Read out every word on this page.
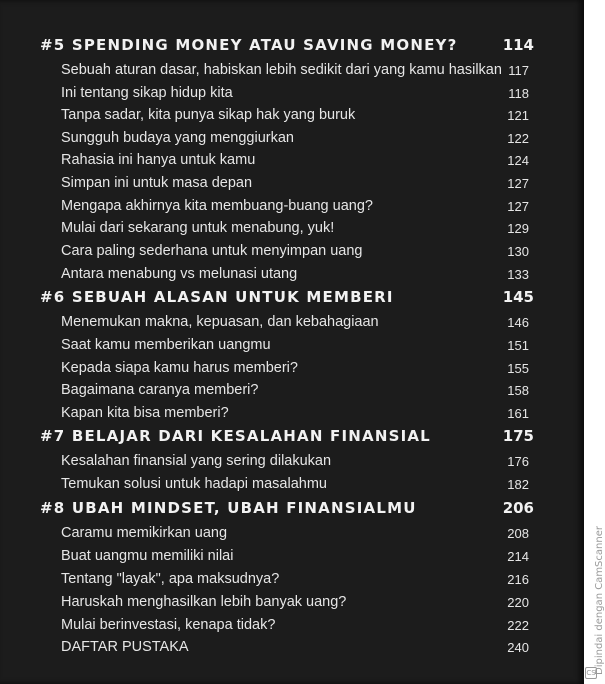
#5 SPENDING MONEY ATAU SAVING MONEY?	114
Sebuah aturan dasar, habiskan lebih sedikit dari yang kamu hasilkan 117
Ini tentang sikap hidup kita	118
Tanpa sadar, kita punya sikap hak yang buruk	121
Sungguh budaya yang menggiurkan	122
Rahasia ini hanya untuk kamu	124
Simpan ini untuk masa depan	127
Mengapa akhirnya kita membuang-buang uang?	127
Mulai dari sekarang untuk menabung, yuk!	129
Cara paling sederhana untuk menyimpan uang	130
Antara menabung vs melunasi utang	133
#6 SEBUAH ALASAN UNTUK MEMBERI	145
Menemukan makna, kepuasan, dan kebahagiaan	146
Saat kamu memberikan uangmu	151
Kepada siapa kamu harus memberi?	155
Bagaimana caranya memberi?	158
Kapan kita bisa memberi?	161
#7 BELAJAR DARI KESALAHAN FINANSIAL	175
Kesalahan finansial yang sering dilakukan	176
Temukan solusi untuk hadapi masalahmu	182
#8 UBAH MINDSET, UBAH FINANSIALMU	206
Caramu memikirkan uang	208
Buat uangmu memiliki nilai	214
Tentang "layak", apa maksudnya?	216
Haruskah menghasilkan lebih banyak uang?	220
Mulai berinvestasi, kenapa tidak?	222
DAFTAR PUSTAKA	240	Dipindai dengan CamScanner
CS
